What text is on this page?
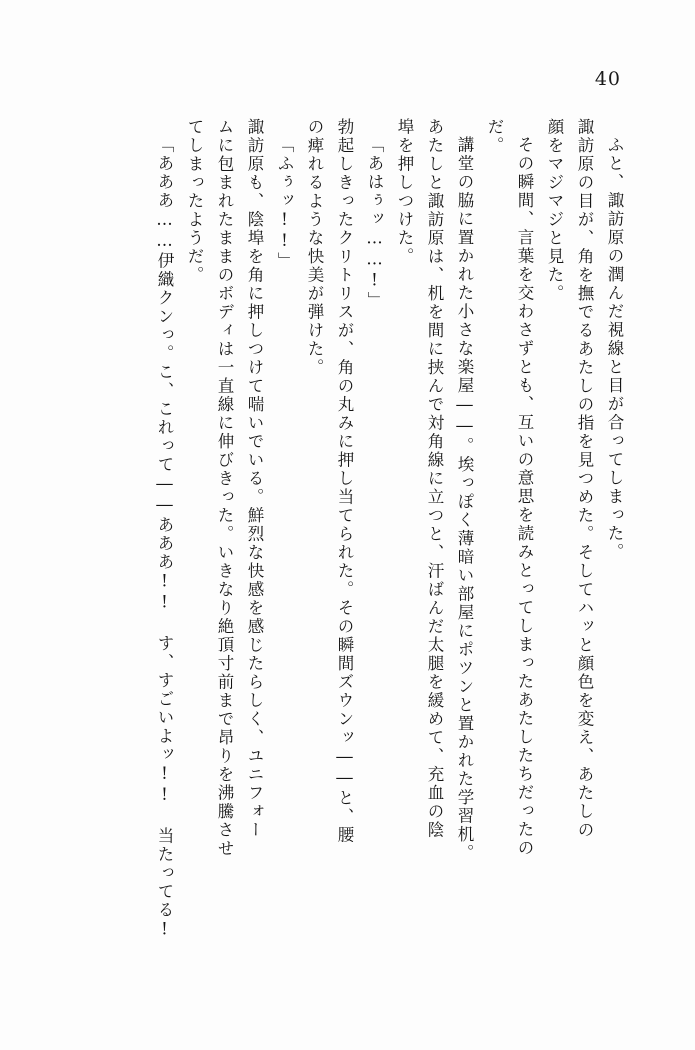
40
ふと、諏訪原の潤んだ視線と目が合ってしまった。
諏訪原の目が、角を撫でるあたしの指を見つめた。そしてハッと顔色を変え、あたしの
顔をマジマジと見た。
その瞬間、言葉を交わさずとも、互いの意思を読みとってしまったあたしたちだったの
だ。
講堂の脇に置かれた小さな楽屋――。埃っぽく薄暗い部屋にポツンと置かれた学習机。
あたしと諏訪原は、机を間に挟んで対角線に立つと、汗ばんだ太腿を緩めて、充血の陰
埠を押しつけた。
「あはぅッ……!」
勃起しきったクリトリスが、角の丸みに押し当てられた。その瞬間ズウンッ――と、腰
の痺れるような快美が弾けた。
「ふぅッ!!」
諏訪原も、陰埠を角に押しつけて喘いでいる。鮮烈な快感を感じたらしく、ユニフォー
ムに包まれたままのボディは一直線に伸びきった。いきなり絶頂寸前まで昂りを沸騰させ
てしまったようだ。
「あああ……伊織クンっ。こ、これって――あああ!! す、すごいよッ!! 当たってる!
